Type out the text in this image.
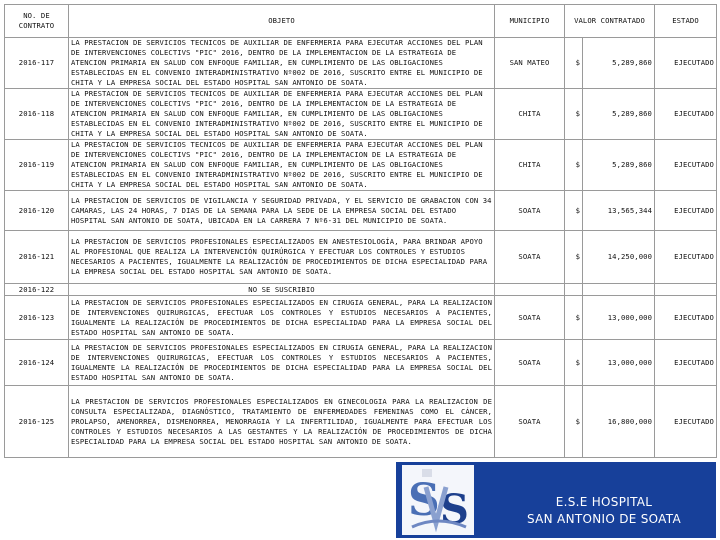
NO. DE CONTRATO	OBJETO	MUNICIPIO	VALOR CONTRATADO		ESTADO
2016-117	LA PRESTACION DE SERVICIOS TECNICOS DE AUXILIAR DE ENFERMERIA PARA EJECUTAR ACCIONES DEL PLAN DE INTERVENCIONES COLECTIVS "PIC" 2016, DENTRO DE LA IMPLEMENTACION DE LA ESTRATEGIA DE ATENCION PRIMARIA EN SALUD CON ENFOQUE FAMILIAR, EN CUMPLIMIENTO DE LAS OBLIGACIONES ESTABLECIDAS EN EL CONVENIO INTERADMINISTRATIVO Nº002 DE 2016, SUSCRITO ENTRE EL MUNICIPIO DE CHITA Y LA EMPRESA SOCIAL DEL ESTADO HOSPITAL SAN ANTONIO DE SOATA.	SAN MATEO	$	5,289,860	EJECUTADO
2016-118	LA PRESTACION DE SERVICIOS TECNICOS DE AUXILIAR DE ENFERMERIA PARA EJECUTAR ACCIONES DEL PLAN DE INTERVENCIONES COLECTIVS "PIC" 2016, DENTRO DE LA IMPLEMENTACION DE LA ESTRATEGIA DE ATENCION PRIMARIA EN SALUD CON ENFOQUE FAMILIAR, EN CUMPLIMIENTO DE LAS OBLIGACIONES ESTABLECIDAS EN EL CONVENIO INTERADMINISTRATIVO Nº002 DE 2016, SUSCRITO ENTRE EL MUNICIPIO DE CHITA Y LA EMPRESA SOCIAL DEL ESTADO HOSPITAL SAN ANTONIO DE SOATA.	CHITA	$	5,289,860	EJECUTADO
2016-119	LA PRESTACION DE SERVICIOS TECNICOS DE AUXILIAR DE ENFERMERIA PARA EJECUTAR ACCIONES DEL PLAN DE INTERVENCIONES COLECTIVS "PIC" 2016, DENTRO DE LA IMPLEMENTACION DE LA ESTRATEGIA DE ATENCION PRIMARIA EN SALUD CON ENFOQUE FAMILIAR, EN CUMPLIMIENTO DE LAS OBLIGACIONES ESTABLECIDAS EN EL CONVENIO INTERADMINISTRATIVO Nº002 DE 2016, SUSCRITO ENTRE EL MUNICIPIO DE CHITA Y LA EMPRESA SOCIAL DEL ESTADO HOSPITAL SAN ANTONIO DE SOATA.	CHITA	$	5,289,860	EJECUTADO
2016-120	LA PRESTACION DE SERVICIOS DE VIGILANCIA Y SEGURIDAD PRIVADA, Y EL SERVICIO DE GRABACION CON 34 CAMARAS, LAS 24 HORAS, 7 DIAS DE LA SEMANA PARA LA SEDE DE LA EMPRESA SOCIAL DEL ESTADO HOSPITAL SAN ANTONIO DE SOATA, UBICADA EN LA CARRERA 7 Nº6-31 DEL MUNICIPIO DE SOATA.	SOATA	$	13,565,344	EJECUTADO
2016-121	LA PRESTACION DE SERVICIOS PROFESIONALES ESPECIALIZADOS EN ANESTESIOLOGÍA, PARA BRINDAR APOYO AL PROFESIONAL QUE REALIZA LA INTERVENCIÓN QUIRÚRGICA Y EFECTUAR LOS CONTROLES Y ESTUDIOS NECESARIOS A PACIENTES, IGUALMENTE LA REALIZACIÓN DE PROCEDIMIENTOS DE DICHA ESPECIALIDAD PARA LA EMPRESA SOCIAL DEL ESTADO HOSPITAL SAN ANTONIO DE SOATA.	SOATA	$	14,250,000	EJECUTADO
2016-122	NO SE SUSCRIBIO				
2016-123	LA PRESTACION DE SERVICIOS PROFESIONALES ESPECIALIZADOS EN CIRUGIA GENERAL, PARA LA REALIZACION DE INTERVENCIONES QUIRURGICAS, EFECTUAR LOS CONTROLES Y ESTUDIOS NECESARIOS A PACIENTES, IGUALMENTE LA REALIZACIÓN DE PROCEDIMIENTOS DE DICHA ESPECIALIDAD PARA LA EMPRESA SOCIAL DEL ESTADO HOSPITAL SAN ANTONIO DE SOATA.	SOATA	$	13,000,000	EJECUTADO
2016-124	LA PRESTACION DE SERVICIOS PROFESIONALES ESPECIALIZADOS EN CIRUGIA GENERAL, PARA LA REALIZACION DE INTERVENCIONES QUIRURGICAS, EFECTUAR LOS CONTROLES Y ESTUDIOS NECESARIOS A PACIENTES, IGUALMENTE LA REALIZACIÓN DE PROCEDIMIENTOS DE DICHA ESPECIALIDAD PARA LA EMPRESA SOCIAL DEL ESTADO HOSPITAL SAN ANTONIO DE SOATA.	SOATA	$	13,000,000	EJECUTADO
2016-125	LA PRESTACION DE SERVICIOS PROFESIONALES ESPECIALIZADOS EN GINECOLOGIA PARA LA REALIZACION DE CONSULTA ESPECIALIZADA, DIAGNÓSTICO, TRATAMIENTO DE ENFERMEDADES FEMENINAS COMO EL CÁNCER, PROLAPSO, AMENORREA, DISMENORREA, MENORRAGIA Y LA INFERTILIDAD, IGUALMENTE PARA EFECTUAR LOS CONTROLES Y ESTUDIOS NECESARIOS A LAS GESTANTES Y LA REALIZACIÓN DE PROCEDIMIENTOS DE DICHA ESPECIALIDAD PARA LA EMPRESA SOCIAL DEL ESTADO HOSPITAL SAN ANTONIO DE SOATA.	SOATA	$	16,800,000	EJECUTADO
S S	E.S.E HOSPITAL
SAN ANTONIO DE SOATA
